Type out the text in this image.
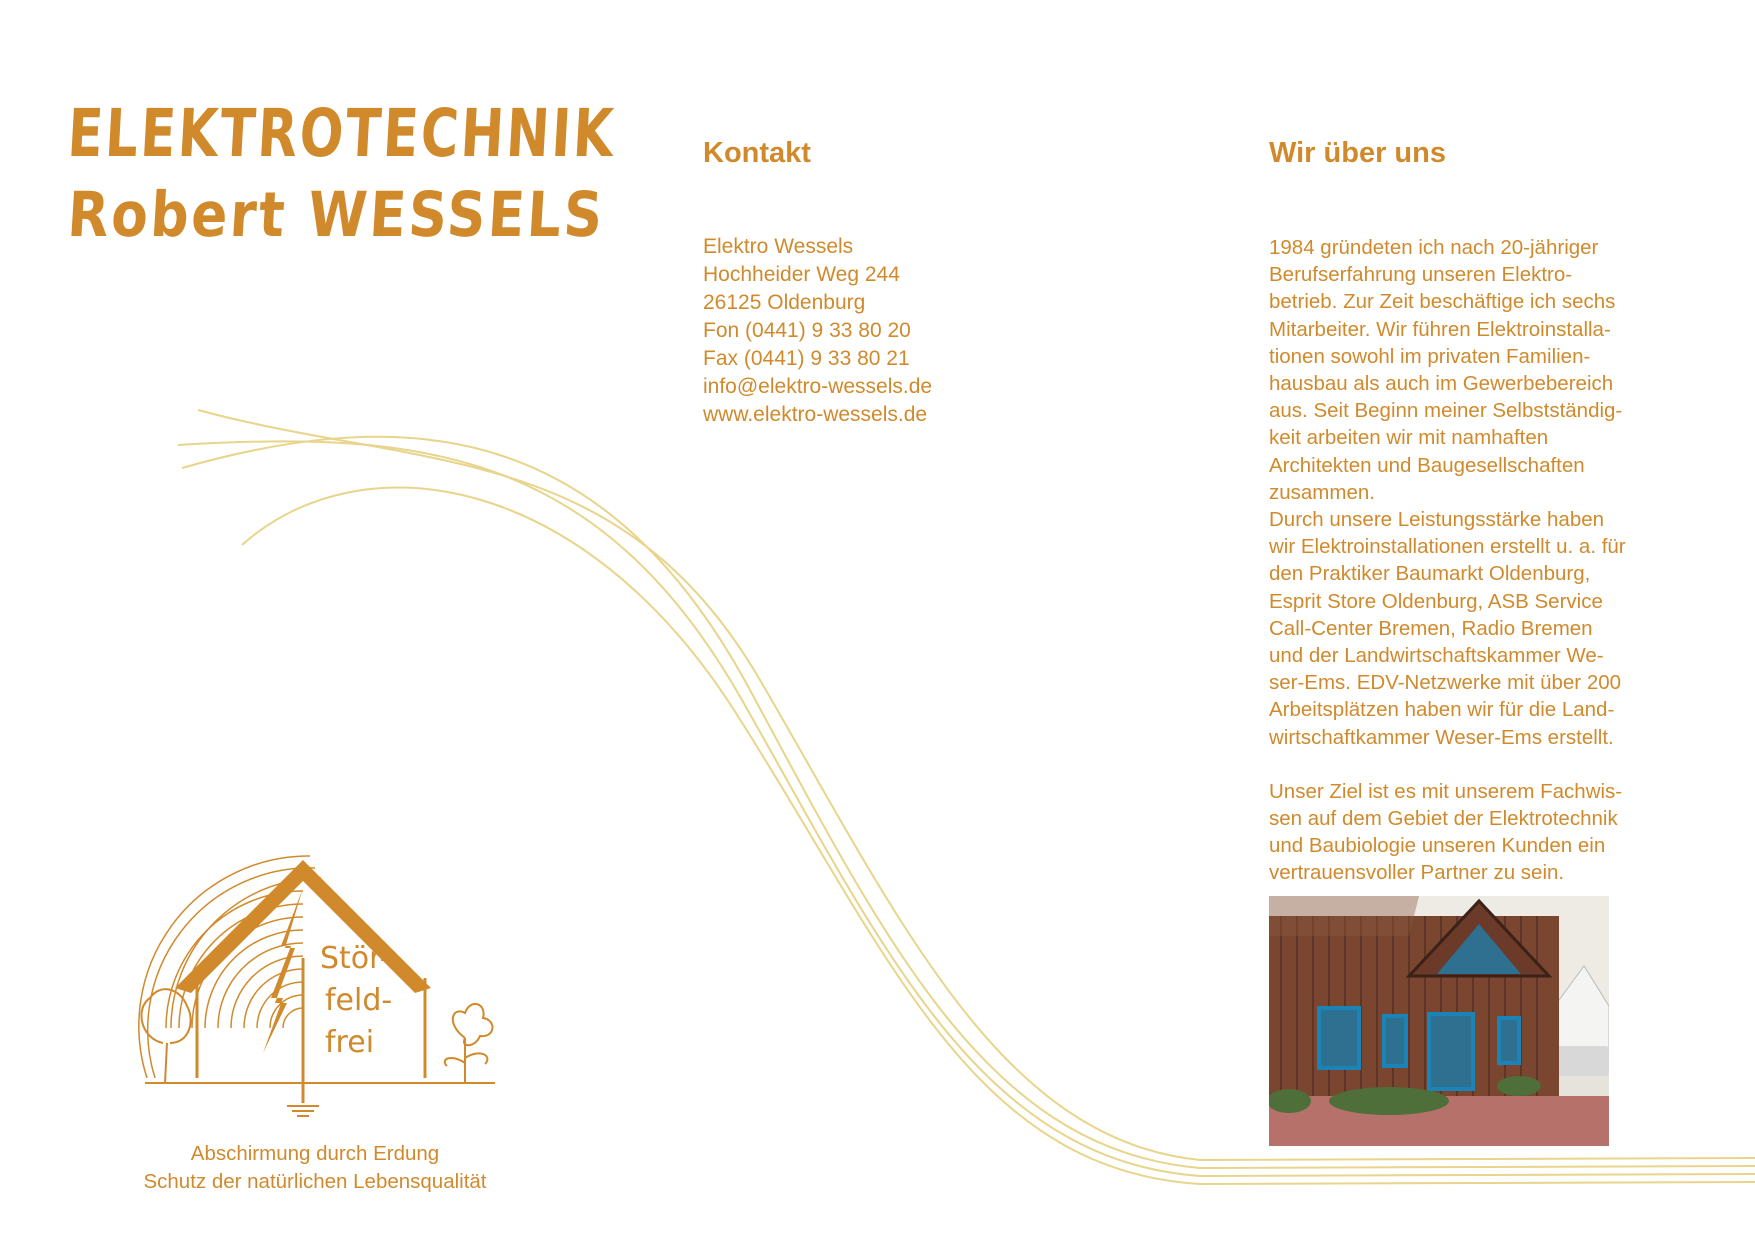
ELEKTROTECHNIK
Robert WESSELS
Kontakt
Elektro Wessels
Hochheider Weg 244
26125 Oldenburg
Fon (0441) 9 33 80 20
Fax (0441) 9 33 80 21
info@elektro-wessels.de
www.elektro-wessels.de
Wir über uns
1984 gründeten ich nach 20-jähriger
Berufserfahrung unseren Elektro-
betrieb. Zur Zeit beschäftige ich sechs
Mitarbeiter. Wir führen Elektroinstalla-
tionen sowohl im privaten Familien-
hausbau als auch im Gewerbebereich
aus. Seit Beginn meiner Selbstständig-
keit arbeiten wir mit namhaften
Architekten und Baugesellschaften
zusammen.
Durch unsere Leistungsstärke haben
wir Elektroinstallationen erstellt u. a. für
den Praktiker Baumarkt Oldenburg,
Esprit Store Oldenburg, ASB Service
Call-Center Bremen, Radio Bremen
und der Landwirtschaftskammer We-
ser-Ems. EDV-Netzwerke mit über 200
Arbeitsplätzen haben wir für die Land-
wirtschaftkammer Weser-Ems erstellt.
Unser Ziel ist es mit unserem Fachwis-
sen auf dem Gebiet der Elektrotechnik
und Baubiologie unseren Kunden ein
vertrauensvoller Partner zu sein.
Stör-
feld-
frei
Abschirmung durch Erdung
Schutz der natürlichen Lebensqualität
